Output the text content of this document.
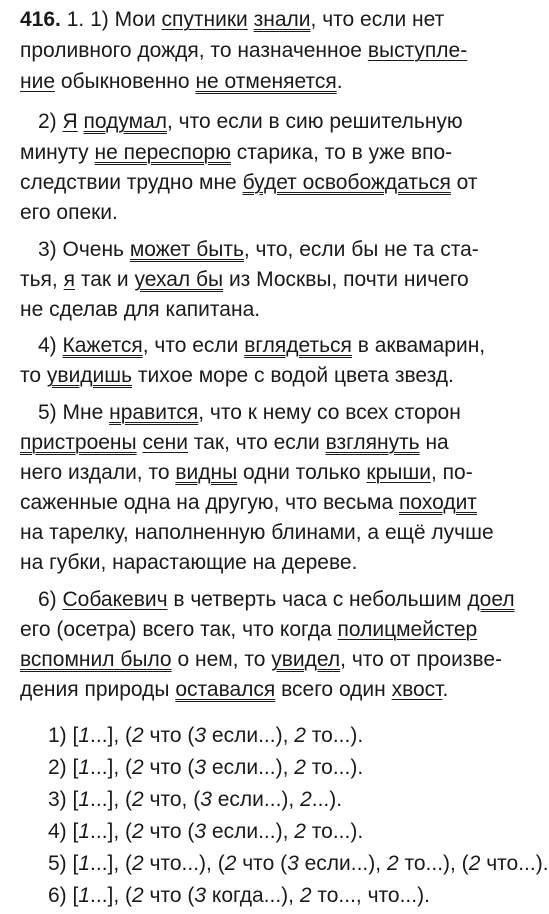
416. 1. 1) Мои спутники знали, что если нет
проливного дождя, то назначенное выступле-
ние обыкновенно не отменяется.
2) Я подумал, что если в сию решительную
минуту не переспорю старика, то в уже впо-
следствии трудно мне будет освобождаться от
его опеки.
3) Очень может быть, что, если бы не та ста-
тья, я так и уехал бы из Москвы, почти ничего
не сделав для капитана.
4) Кажется, что если вглядеться в аквамарин,
то увидишь тихое море с водой цвета звезд.
5) Мне нравится, что к нему со всех сторон
пристроены сени так, что если взглянуть на
него издали, то видны одни только крыши, по-
саженные одна на другую, что весьма походит
на тарелку, наполненную блинами, а ещё лучше
на губки, нарастающие на дереве.
6) Собакевич в четверть часа с небольшим доел
его (осетра) всего так, что когда полицмейстер
вспомнил было о нем, то увидел, что от произве-
дения природы оставался всего один хвост.
1) [1...], (2 что (3 если...), 2 то...).
2) [1...], (2 что (3 если...), 2 то...).
3) [1...], (2 что, (3 если...), 2...).
4) [1...], (2 что (3 если...), 2 то...).
5) [1...], (2 что...), (2 что (3 если...), 2 то...), (2 что...).
6) [1...], (2 что (3 когда...), 2 то..., что...).
